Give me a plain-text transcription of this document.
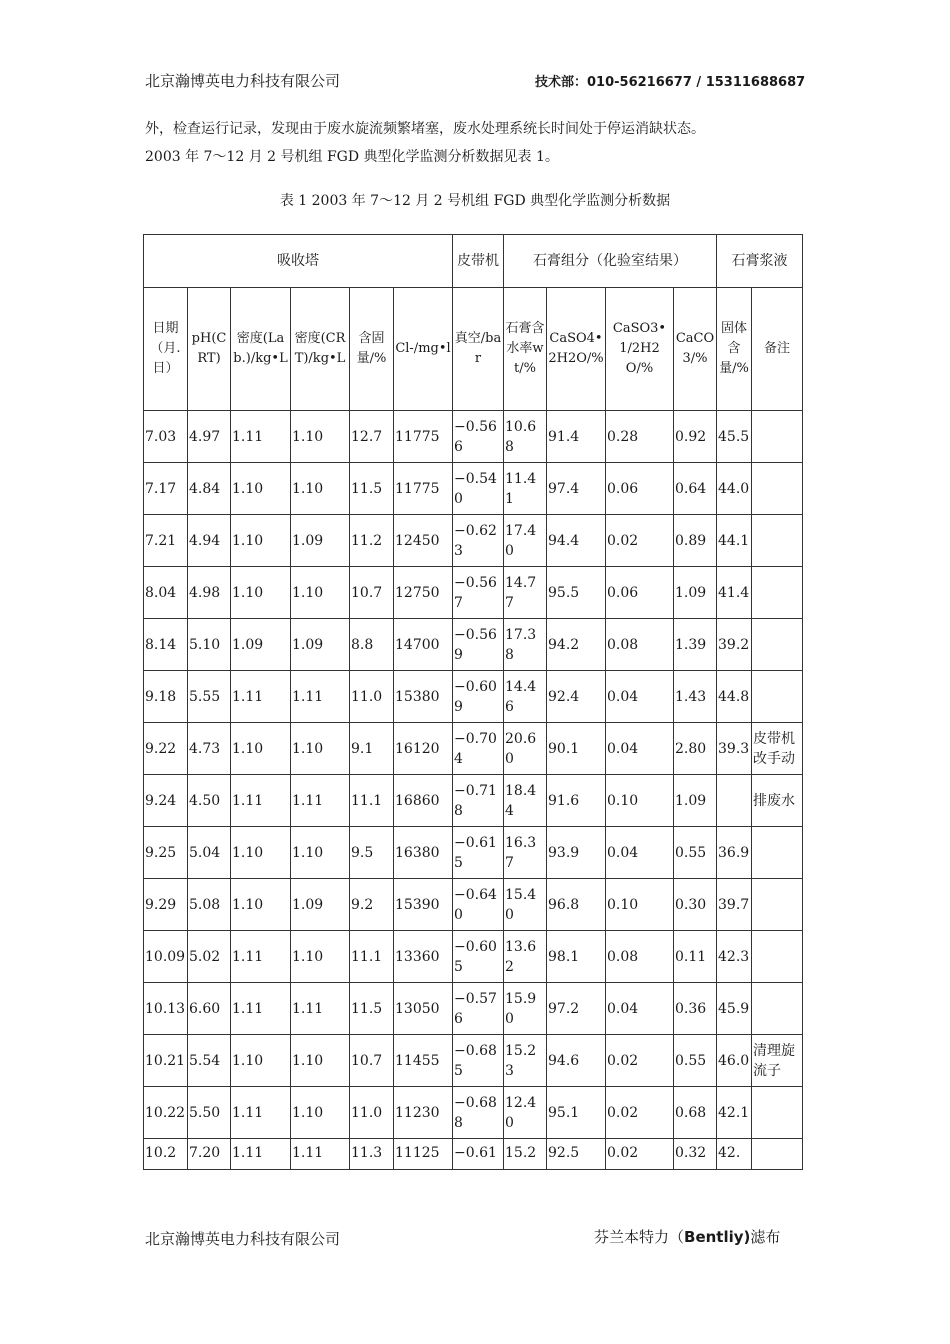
北京瀚博英电力科技有限公司	技术部：010-56216677 / 15311688687
外，检查运行记录，发现由于废水旋流频繁堵塞，废水处理系统长时间处于停运消缺状态。
2003 年 7～12 月 2 号机组 FGD 典型化学监测分析数据见表 1。
表 1 2003 年 7～12 月 2 号机组 FGD 典型化学监测分析数据
吸收塔						皮带机	石膏组分（化验室结果）				石膏浆液	
日期（月.日）	pH(CRT)	密度(Lab.)/kg•L	密度(CRT)/kg•L	含固量/%	Cl-/mg•l	真空/bar	石膏含水率wt/%	CaSO4•2H2O/%	CaSO3•1/2H2O/%	CaCO3/%	固体含量/%	备注
7.03	4.97	1.11	1.10	12.7	11775	−0.566	10.68	91.4	0.28	0.92	45.5	
7.17	4.84	1.10	1.10	11.5	11775	−0.540	11.41	97.4	0.06	0.64	44.0	
7.21	4.94	1.10	1.09	11.2	12450	−0.623	17.40	94.4	0.02	0.89	44.1	
8.04	4.98	1.10	1.10	10.7	12750	−0.567	14.77	95.5	0.06	1.09	41.4	
8.14	5.10	1.09	1.09	8.8	14700	−0.569	17.38	94.2	0.08	1.39	39.2	
9.18	5.55	1.11	1.11	11.0	15380	−0.609	14.46	92.4	0.04	1.43	44.8	
9.22	4.73	1.10	1.10	9.1	16120	−0.704	20.60	90.1	0.04	2.80	39.3	皮带机改手动
9.24	4.50	1.11	1.11	11.1	16860	−0.718	18.44	91.6	0.10	1.09		排废水
9.25	5.04	1.10	1.10	9.5	16380	−0.615	16.37	93.9	0.04	0.55	36.9	
9.29	5.08	1.10	1.09	9.2	15390	−0.640	15.40	96.8	0.10	0.30	39.7	
10.09	5.02	1.11	1.10	11.1	13360	−0.605	13.62	98.1	0.08	0.11	42.3	
10.13	6.60	1.11	1.11	11.5	13050	−0.576	15.90	97.2	0.04	0.36	45.9	
10.21	5.54	1.10	1.10	10.7	11455	−0.685	15.23	94.6	0.02	0.55	46.0	清理旋流子
10.22	5.50	1.11	1.10	11.0	11230	−0.688	12.40	95.1	0.02	0.68	42.1	
10.2	7.20	1.11	1.11	11.3	11125	−0.61	15.2	92.5	0.02	0.32	42.	
北京瀚博英电力科技有限公司	芬兰本特力（Bentliy)滤布
